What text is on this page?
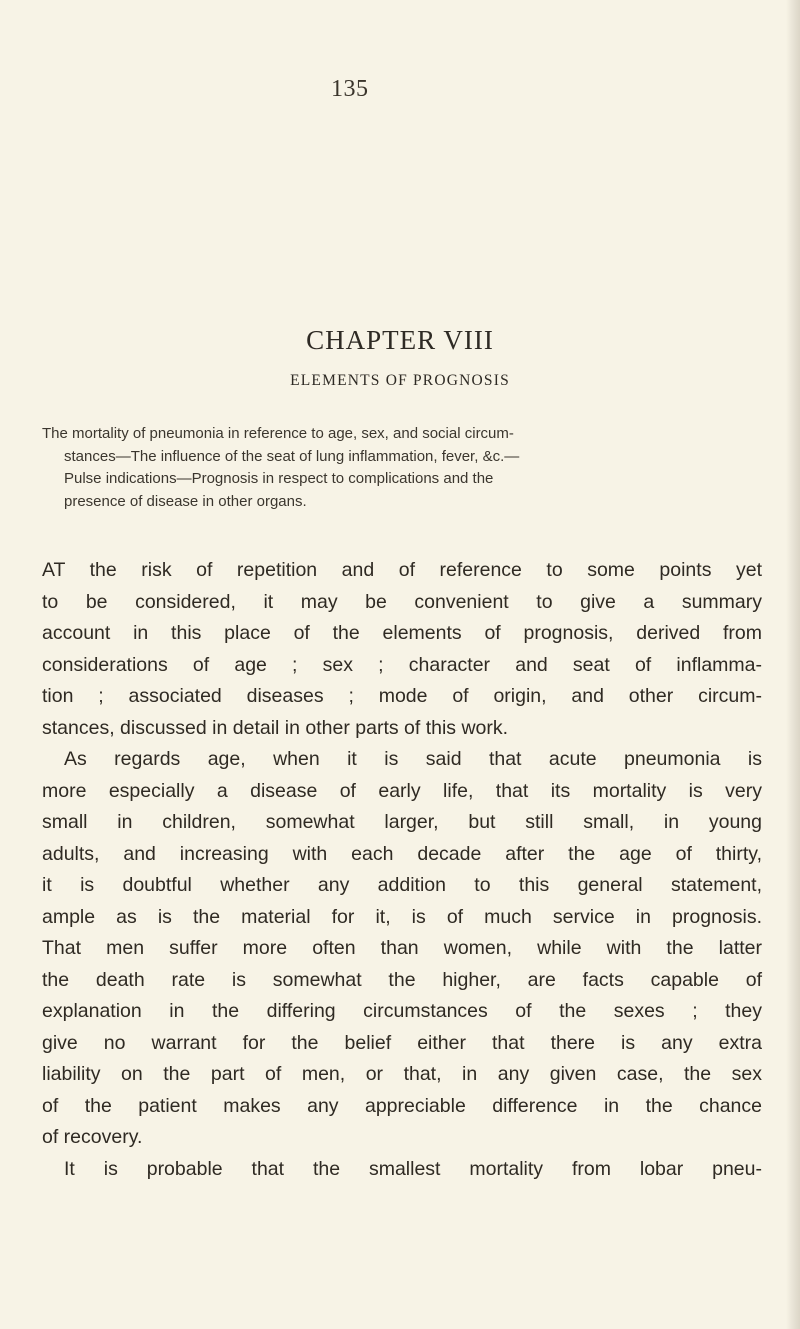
135
CHAPTER VIII
ELEMENTS OF PROGNOSIS
The mortality of pneumonia in reference to age, sex, and social circum-
stances—The influence of the seat of lung inflammation, fever, &c.—
Pulse indications—Prognosis in respect to complications and the
presence of disease in other organs.
AT the risk of repetition and of reference to some points yet
to be considered, it may be convenient to give a summary
account in this place of the elements of prognosis, derived from
considerations of age ; sex ; character and seat of inflamma-
tion ; associated diseases ; mode of origin, and other circum-
stances, discussed in detail in other parts of this work.
As regards age, when it is said that acute pneumonia is
more especially a disease of early life, that its mortality is very
small in children, somewhat larger, but still small, in young
adults, and increasing with each decade after the age of thirty,
it is doubtful whether any addition to this general statement,
ample as is the material for it, is of much service in prognosis.
That men suffer more often than women, while with the latter
the death rate is somewhat the higher, are facts capable of
explanation in the differing circumstances of the sexes ; they
give no warrant for the belief either that there is any extra
liability on the part of men, or that, in any given case, the sex
of the patient makes any appreciable difference in the chance
of recovery.
It is probable that the smallest mortality from lobar pneu-
